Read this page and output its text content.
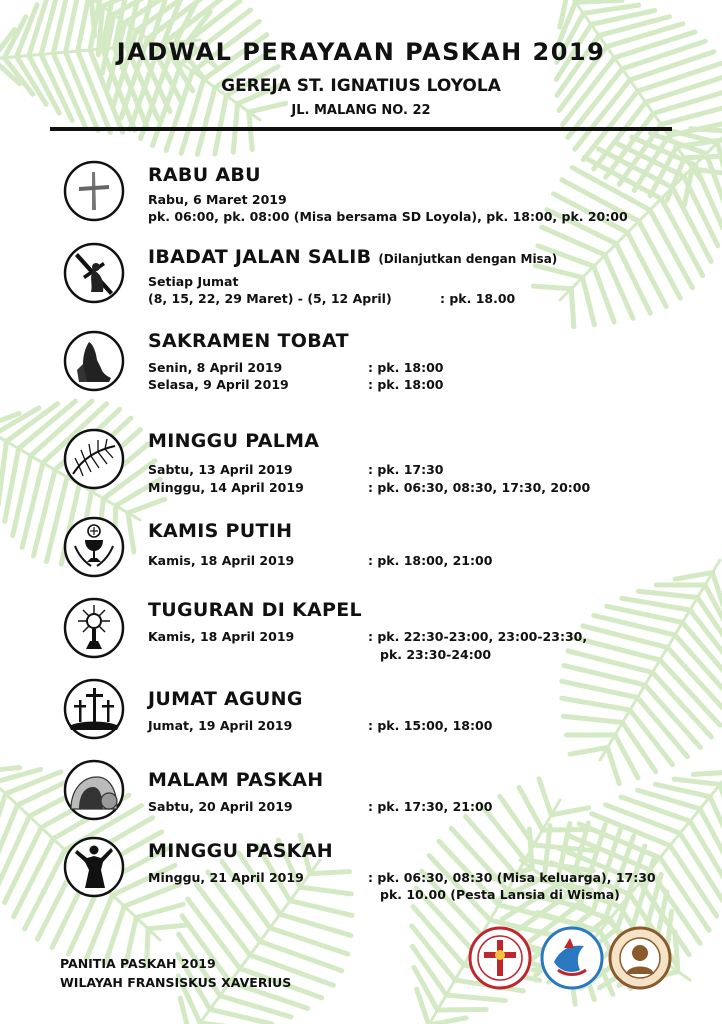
JADWAL PERAYAAN PASKAH 2019
GEREJA ST. IGNATIUS LOYOLA
JL. MALANG NO. 22
RABU ABU
Rabu, 6 Maret 2019
pk. 06:00, pk. 08:00 (Misa bersama SD Loyola), pk. 18:00, pk. 20:00
IBADAT JALAN SALIB (Dilanjutkan dengan Misa)
Setiap Jumat
(8, 15, 22, 29 Maret) - (5, 12 April)	: pk. 18.00
SAKRAMEN TOBAT
Senin, 8 April 2019	: pk. 18:00
Selasa, 9 April 2019	: pk. 18:00
MINGGU PALMA
Sabtu, 13 April 2019	: pk. 17:30
Minggu, 14 April 2019	: pk. 06:30, 08:30, 17:30, 20:00
KAMIS PUTIH
Kamis, 18 April 2019	: pk. 18:00, 21:00
TUGURAN DI KAPEL
Kamis, 18 April 2019	: pk. 22:30-23:00, 23:00-23:30,
pk. 23:30-24:00
JUMAT AGUNG
Jumat, 19 April 2019	: pk. 15:00, 18:00
MALAM PASKAH
Sabtu, 20 April 2019	: pk. 17:30, 21:00
MINGGU PASKAH
Minggu, 21 April 2019	: pk. 06:30, 08:30 (Misa keluarga), 17:30
pk. 10.00 (Pesta Lansia di Wisma)
PANITIA PASKAH 2019
WILAYAH FRANSISKUS XAVERIUS
